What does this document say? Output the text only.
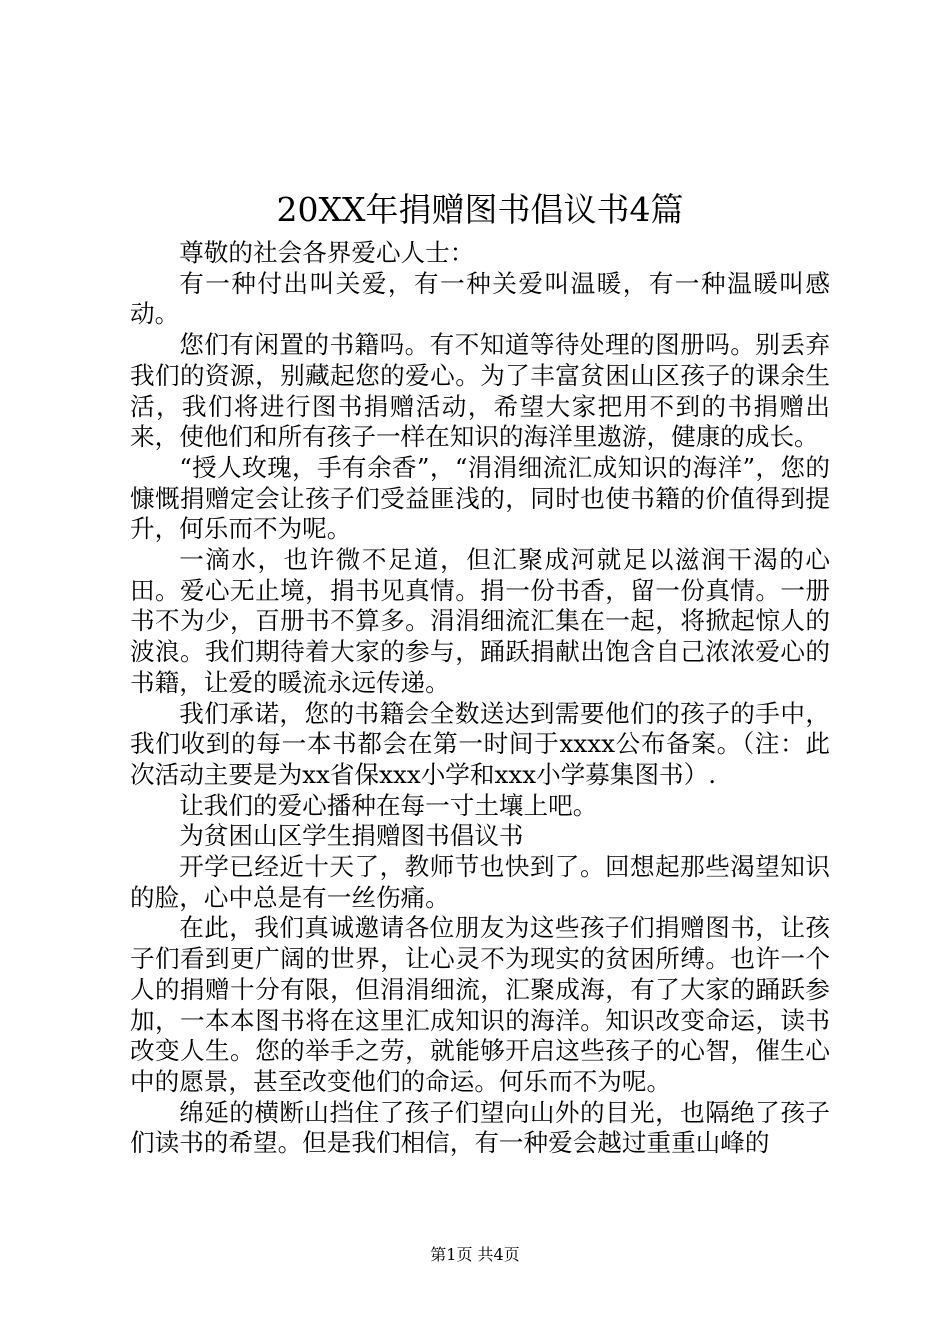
20XX年捐赠图书倡议书4篇

尊敬的社会各界爱心人士：

有一种付出叫关爱，有一种关爱叫温暖，有一种温暖叫感动。

您们有闲置的书籍吗。有不知道等待处理的图册吗。别丢弃我们的资源，别藏起您的爱心。为了丰富贫困山区孩子的课余生活，我们将进行图书捐赠活动，希望大家把用不到的书捐赠出来，使他们和所有孩子一样在知识的海洋里遨游，健康的成长。

“授人玫瑰，手有余香”，“涓涓细流汇成知识的海洋”，您的慷慨捐赠定会让孩子们受益匪浅的，同时也使书籍的价值得到提升，何乐而不为呢。

一滴水，也许微不足道，但汇聚成河就足以滋润干渴的心田。爱心无止境，捐书见真情。捐一份书香，留一份真情。一册书不为少，百册书不算多。涓涓细流汇集在一起，将掀起惊人的波浪。我们期待着大家的参与，踊跃捐献出饱含自己浓浓爱心的书籍，让爱的暖流永远传递。

我们承诺，您的书籍会全数送达到需要他们的孩子的手中，我们收到的每一本书都会在第一时间于xxxx公布备案。（注：此次活动主要是为xx省保xxx小学和xxx小学募集图书）.

让我们的爱心播种在每一寸土壤上吧。

为贫困山区学生捐赠图书倡议书

开学已经近十天了，教师节也快到了。回想起那些渴望知识的脸，心中总是有一丝伤痛。

在此，我们真诚邀请各位朋友为这些孩子们捐赠图书，让孩子们看到更广阔的世界，让心灵不为现实的贫困所缚。也许一个人的捐赠十分有限，但涓涓细流，汇聚成海，有了大家的踊跃参加，一本本图书将在这里汇成知识的海洋。知识改变命运，读书改变人生。您的举手之劳，就能够开启这些孩子的心智，催生心中的愿景，甚至改变他们的命运。何乐而不为呢。

绵延的横断山挡住了孩子们望向山外的目光，也隔绝了孩子们读书的希望。但是我们相信，有一种爱会越过重重山峰的

第1页 共4页
